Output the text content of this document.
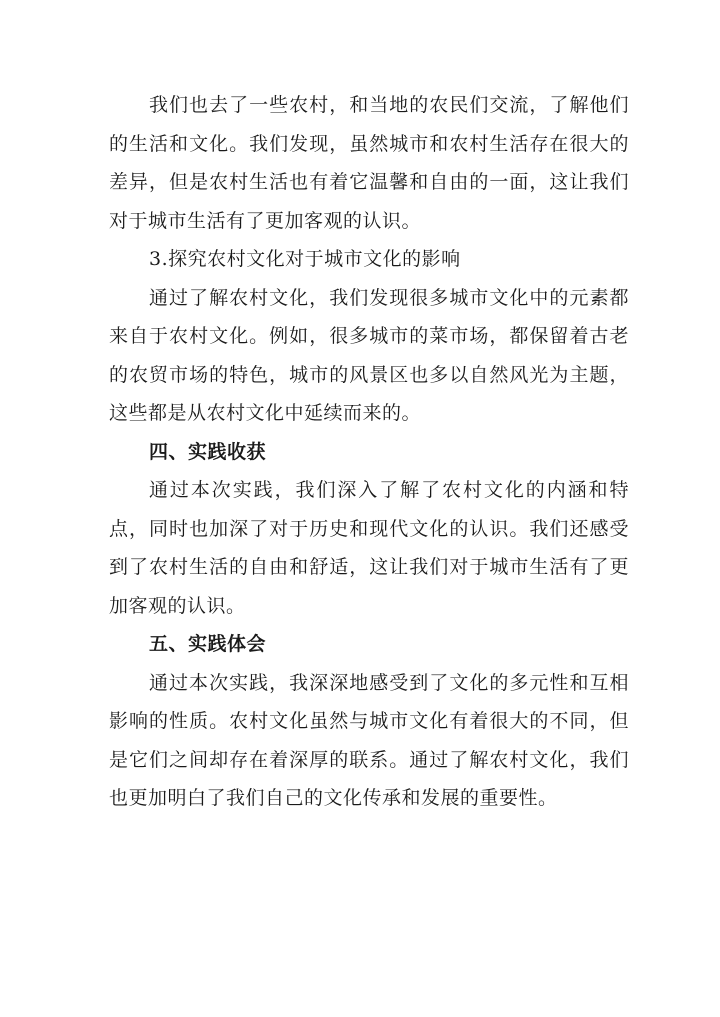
我们也去了一些农村，和当地的农民们交流，了解他们的生活和文化。我们发现，虽然城市和农村生活存在很大的差异，但是农村生活也有着它温馨和自由的一面，这让我们对于城市生活有了更加客观的认识。

3.探究农村文化对于城市文化的影响

通过了解农村文化，我们发现很多城市文化中的元素都来自于农村文化。例如，很多城市的菜市场，都保留着古老的农贸市场的特色，城市的风景区也多以自然风光为主题，这些都是从农村文化中延续而来的。

四、实践收获

通过本次实践，我们深入了解了农村文化的内涵和特点，同时也加深了对于历史和现代文化的认识。我们还感受到了农村生活的自由和舒适，这让我们对于城市生活有了更加客观的认识。

五、实践体会

通过本次实践，我深深地感受到了文化的多元性和互相影响的性质。农村文化虽然与城市文化有着很大的不同，但是它们之间却存在着深厚的联系。通过了解农村文化，我们也更加明白了我们自己的文化传承和发展的重要性。
